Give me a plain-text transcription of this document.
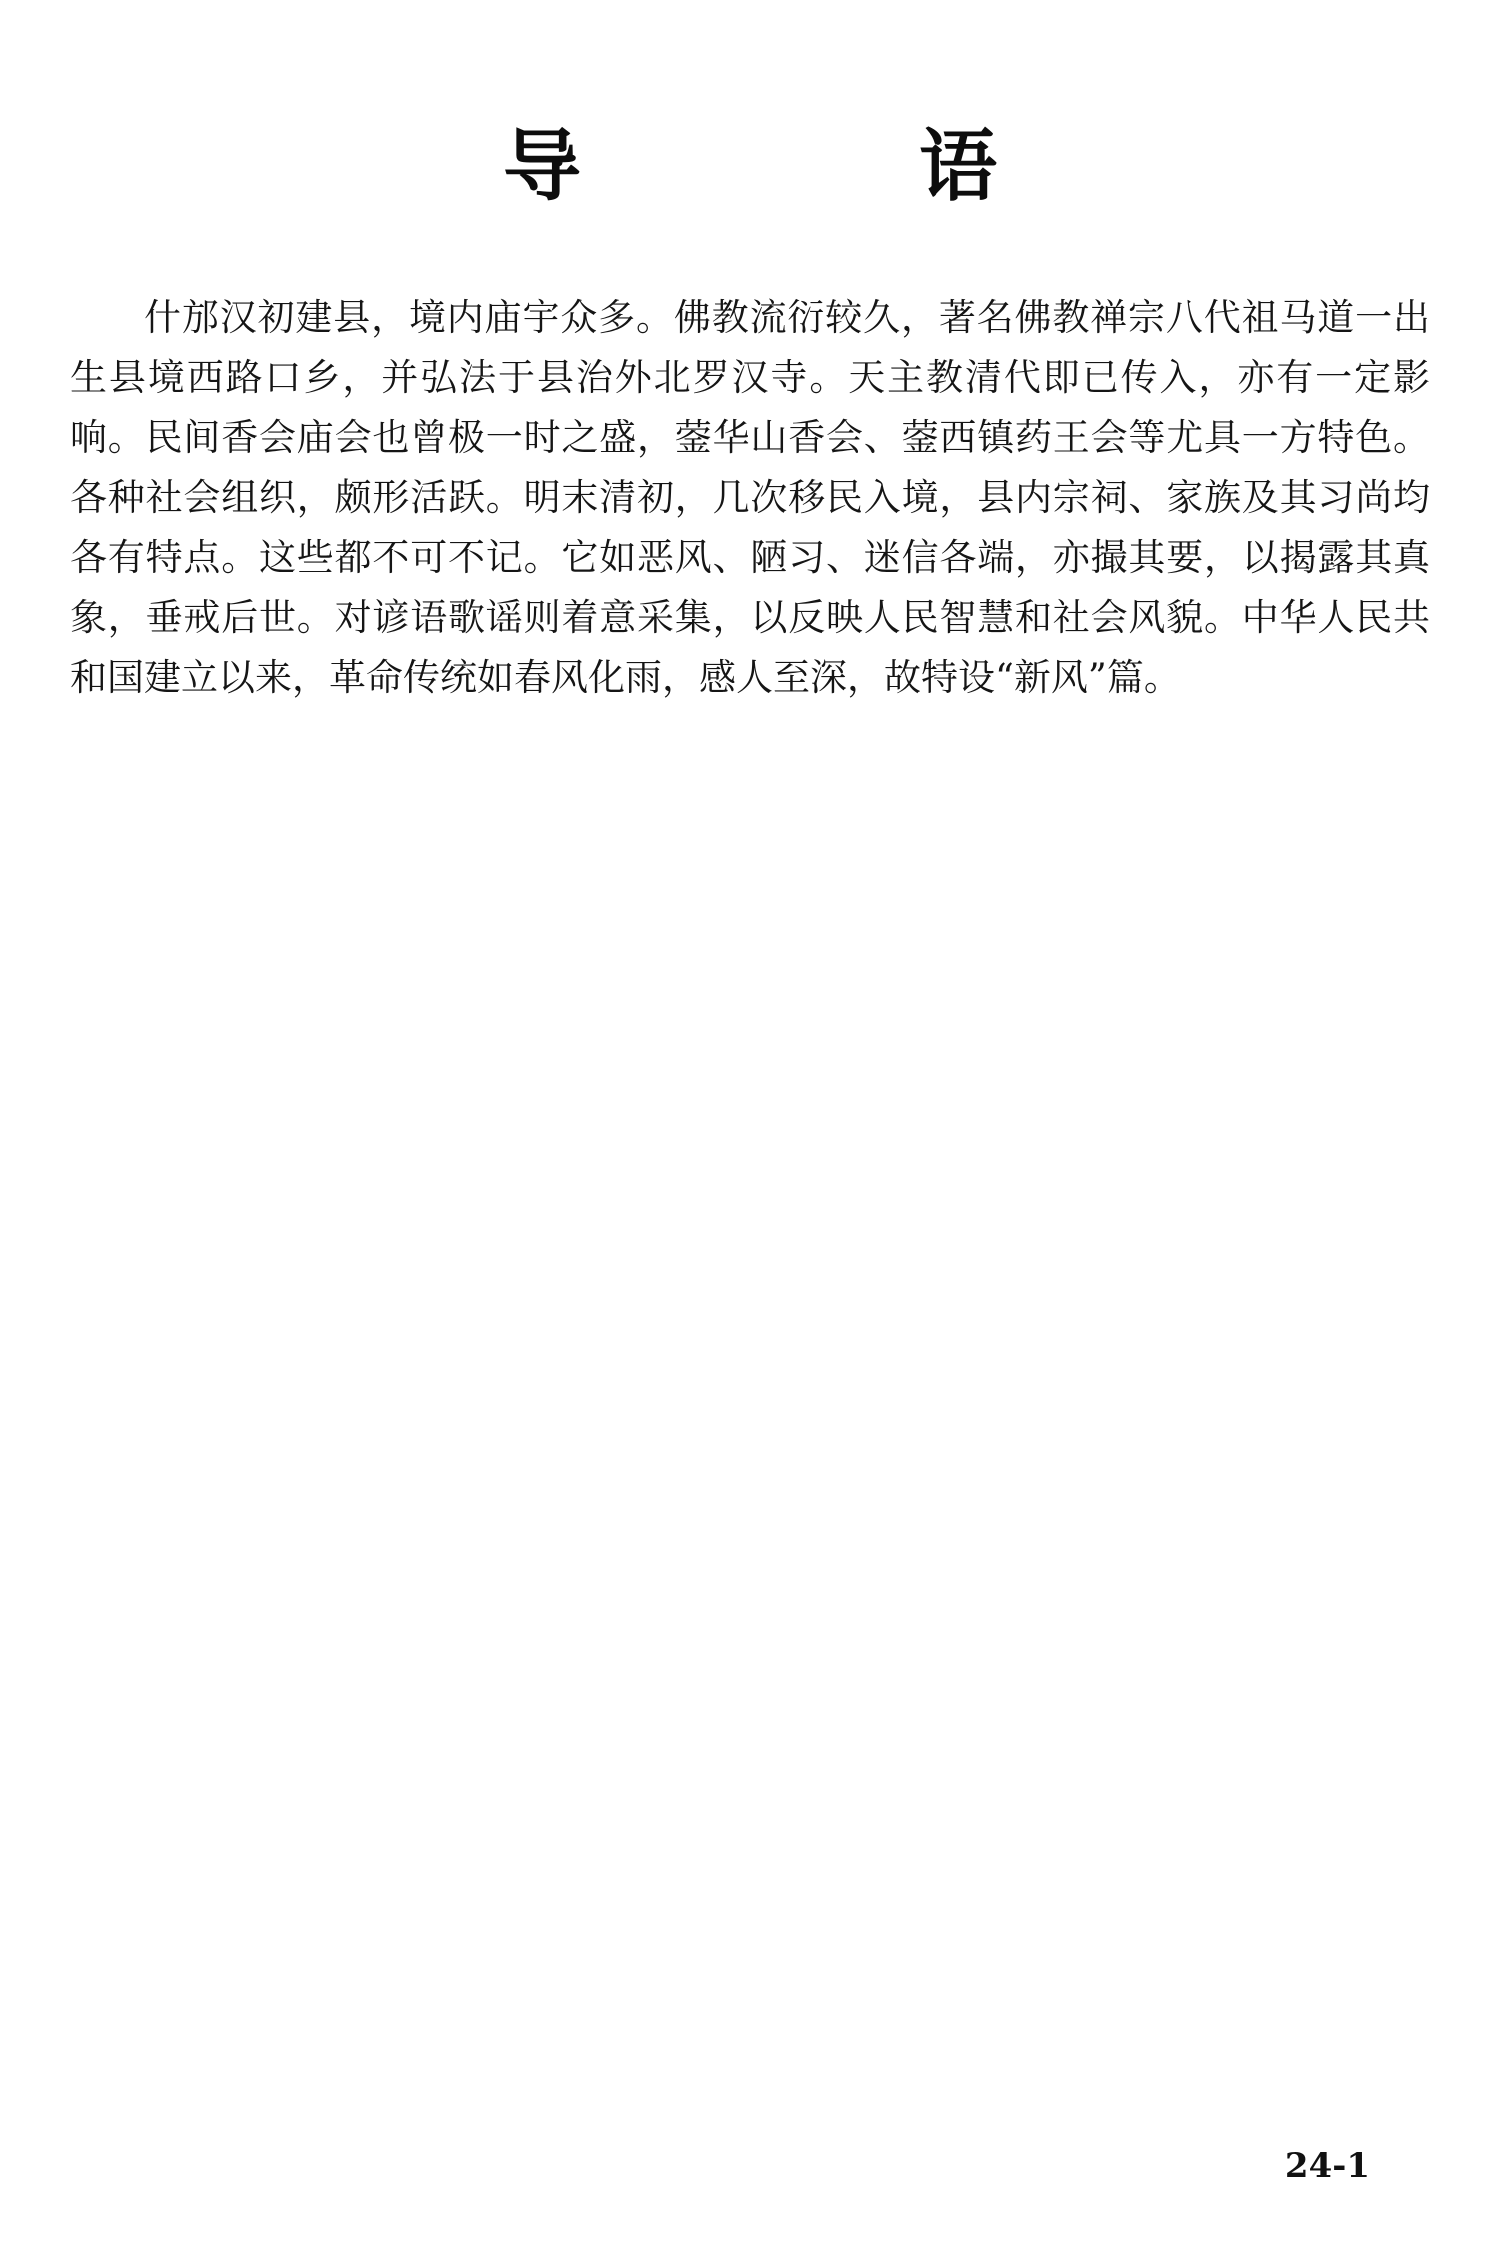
导　语

什邡汉初建县，境内庙宇众多。佛教流衍较久，著名佛教禅宗八代祖马道一出生县境西路口乡，并弘法于县治外北罗汉寺。天主教清代即已传入，亦有一定影响。民间香会庙会也曾极一时之盛，蓥华山香会、蓥西镇药王会等尤具一方特色。各种社会组织，颇形活跃。明末清初，几次移民入境，县内宗祠、家族及其习尚均各有特点。这些都不可不记。它如恶风、陋习、迷信各端，亦撮其要，以揭露其真象，垂戒后世。对谚语歌谣则着意采集，以反映人民智慧和社会风貌。中华人民共和国建立以来，革命传统如春风化雨，感人至深，故特设“新风”篇。

24-1
